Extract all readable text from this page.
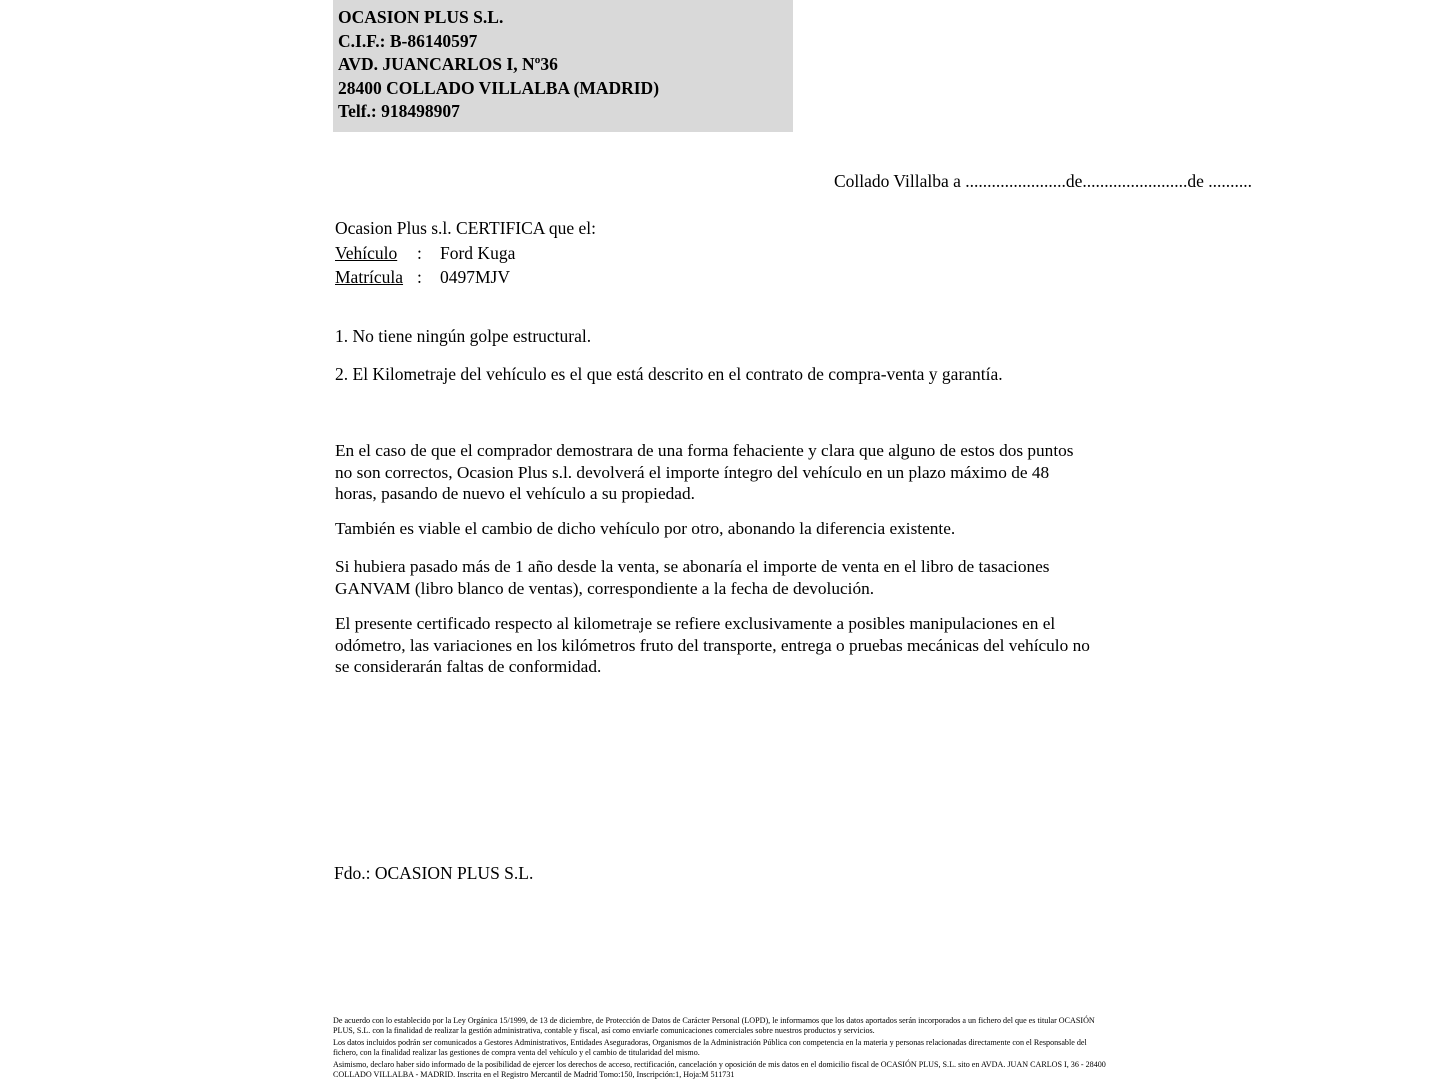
OCASION PLUS S.L.
C.I.F.: B-86140597
AVD. JUANCARLOS I, Nº36
28400 COLLADO VILLALBA (MADRID)
Telf.: 918498907
Collado Villalba a .......................de........................de ..........
Ocasion Plus s.l. CERTIFICA que el:
Vehículo	:	Ford Kuga
Matrícula :	0497MJV
1. No tiene ningún golpe estructural.
2. El Kilometraje del vehículo es el que está descrito en el contrato de compra-venta y garantía.
En el caso de que el comprador demostrara de una forma fehaciente y clara que alguno de estos dos puntos no son correctos, Ocasion Plus s.l. devolverá el importe íntegro del vehículo en un plazo máximo de 48 horas, pasando de nuevo el vehículo a su propiedad.
También es viable el cambio de dicho vehículo por otro, abonando la diferencia existente.
Si hubiera pasado más de 1 año desde la venta, se abonaría el importe de venta en el libro de tasaciones GANVAM (libro blanco de ventas), correspondiente a la fecha de devolución.
El presente certificado respecto al kilometraje se refiere exclusivamente a posibles manipulaciones en el odómetro, las variaciones en los kilómetros fruto del transporte, entrega o pruebas mecánicas del vehículo no se considerarán faltas de conformidad.
Fdo.: OCASION PLUS S.L.

De acuerdo con lo establecido por la Ley Orgánica 15/1999, de 13 de diciembre, de Protección de Datos de Carácter Personal (LOPD), le informamos que los datos aportados serán incorporados a un fichero del que es titular OCASIÓN PLUS, S.L. con la finalidad de realizar la gestión administrativa, contable y fiscal, así como enviarle comunicaciones comerciales sobre nuestros productos y servicios.

Los datos incluidos podrán ser comunicados a Gestores Administrativos, Entidades Aseguradoras, Organismos de la Administración Pública con competencia en la materia y personas relacionadas directamente con el Responsable del fichero, con la finalidad realizar las gestiones de compra venta del vehículo y el cambio de titularidad del mismo.

Asimismo, declaro haber sido informado de la posibilidad de ejercer los derechos de acceso, rectificación, cancelación y oposición de mis datos en el domicilio fiscal de OCASIÓN PLUS, S.L. sito en AVDA. JUAN CARLOS I, 36 - 28400 COLLADO VILLALBA - MADRID. Inscrita en el Registro Mercantil de Madrid Tomo:150, Inscripción:1, Hoja:M 511731
